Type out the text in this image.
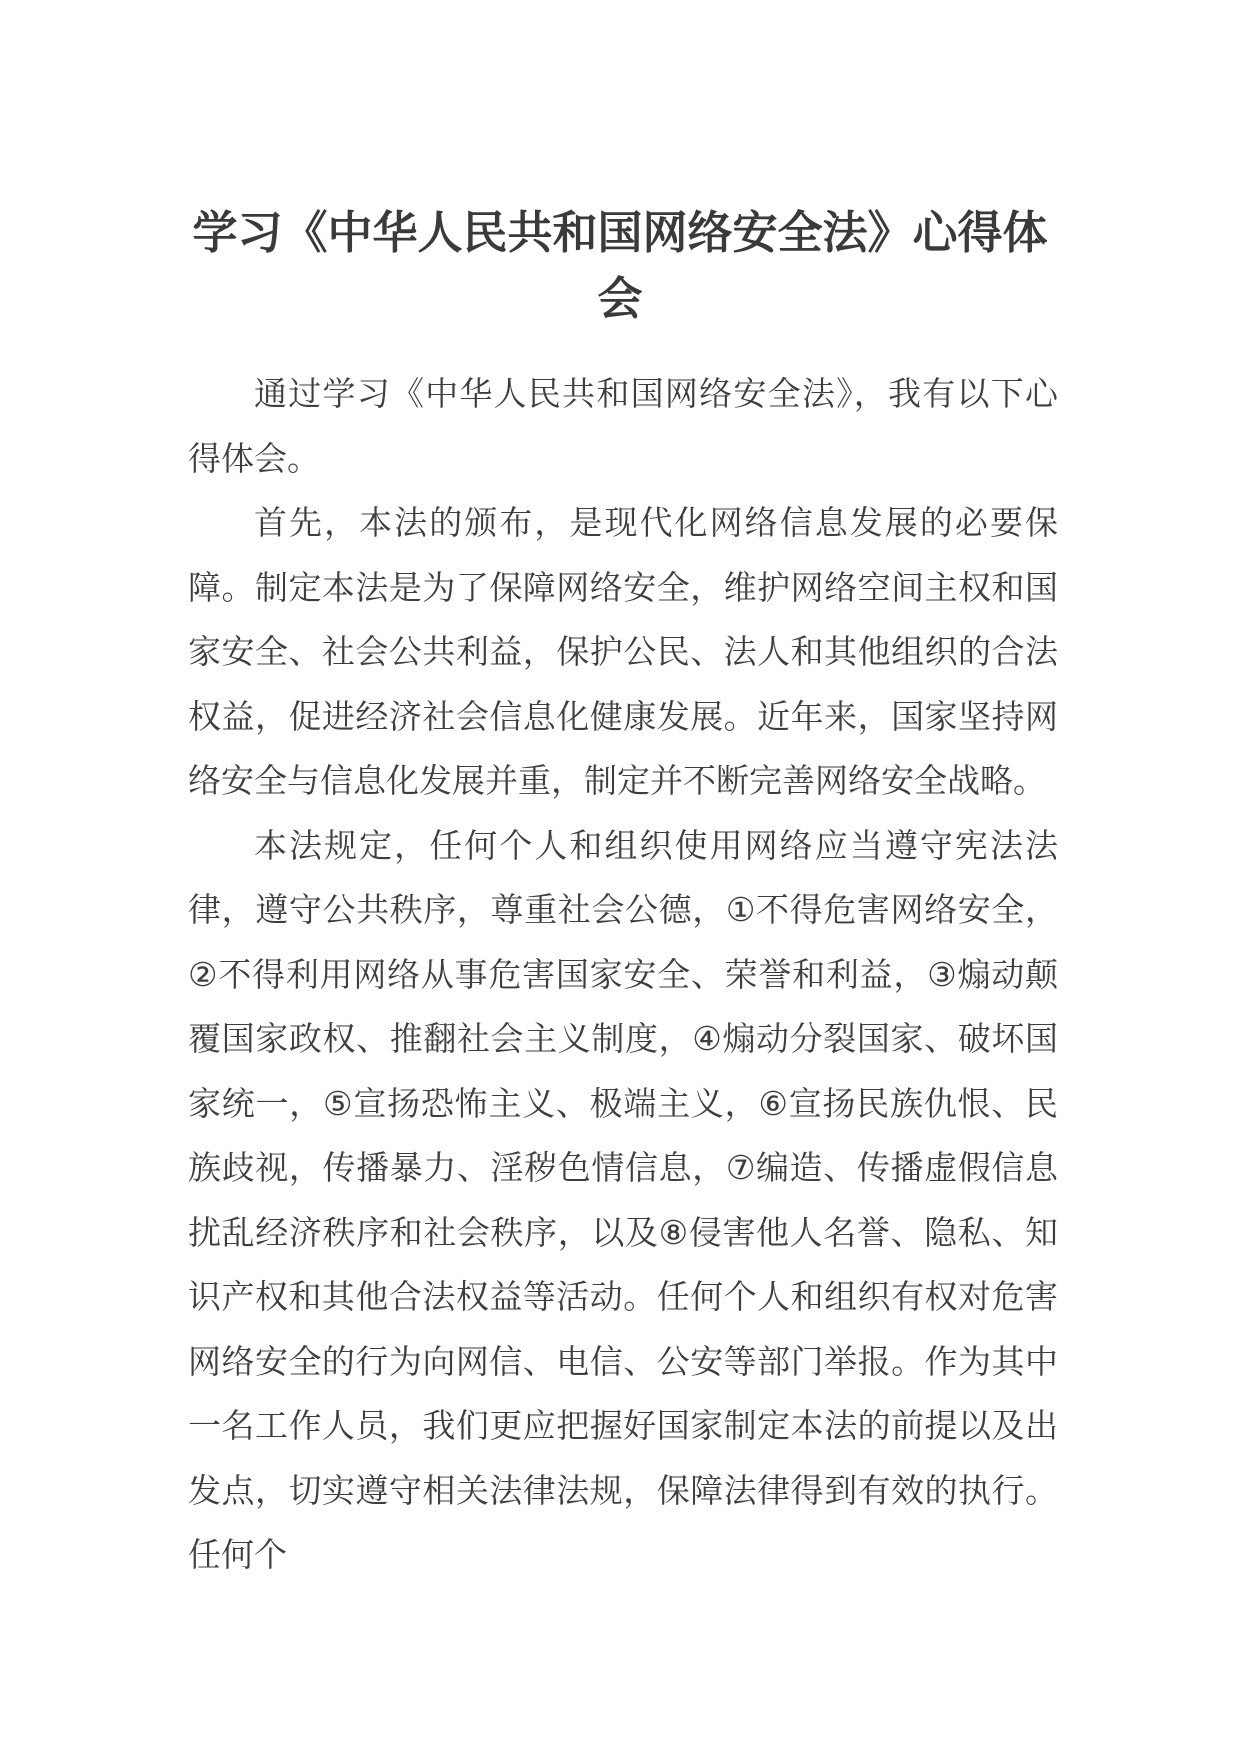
学习《中华人民共和国网络安全法》心得体会

通过学习《中华人民共和国网络安全法》，我有以下心得体会。

首先，本法的颁布，是现代化网络信息发展的必要保障。制定本法是为了保障网络安全，维护网络空间主权和国家安全、社会公共利益，保护公民、法人和其他组织的合法权益，促进经济社会信息化健康发展。近年来，国家坚持网络安全与信息化发展并重，制定并不断完善网络安全战略。

本法规定，任何个人和组织使用网络应当遵守宪法法律，遵守公共秩序，尊重社会公德，①不得危害网络安全，②不得利用网络从事危害国家安全、荣誉和利益，③煽动颠覆国家政权、推翻社会主义制度，④煽动分裂国家、破坏国家统一，⑤宣扬恐怖主义、极端主义，⑥宣扬民族仇恨、民族歧视，传播暴力、淫秽色情信息，⑦编造、传播虚假信息扰乱经济秩序和社会秩序，以及⑧侵害他人名誉、隐私、知识产权和其他合法权益等活动。任何个人和组织有权对危害网络安全的行为向网信、电信、公安等部门举报。作为其中一名工作人员，我们更应把握好国家制定本法的前提以及出发点，切实遵守相关法律法规，保障法律得到有效的执行。任何个
